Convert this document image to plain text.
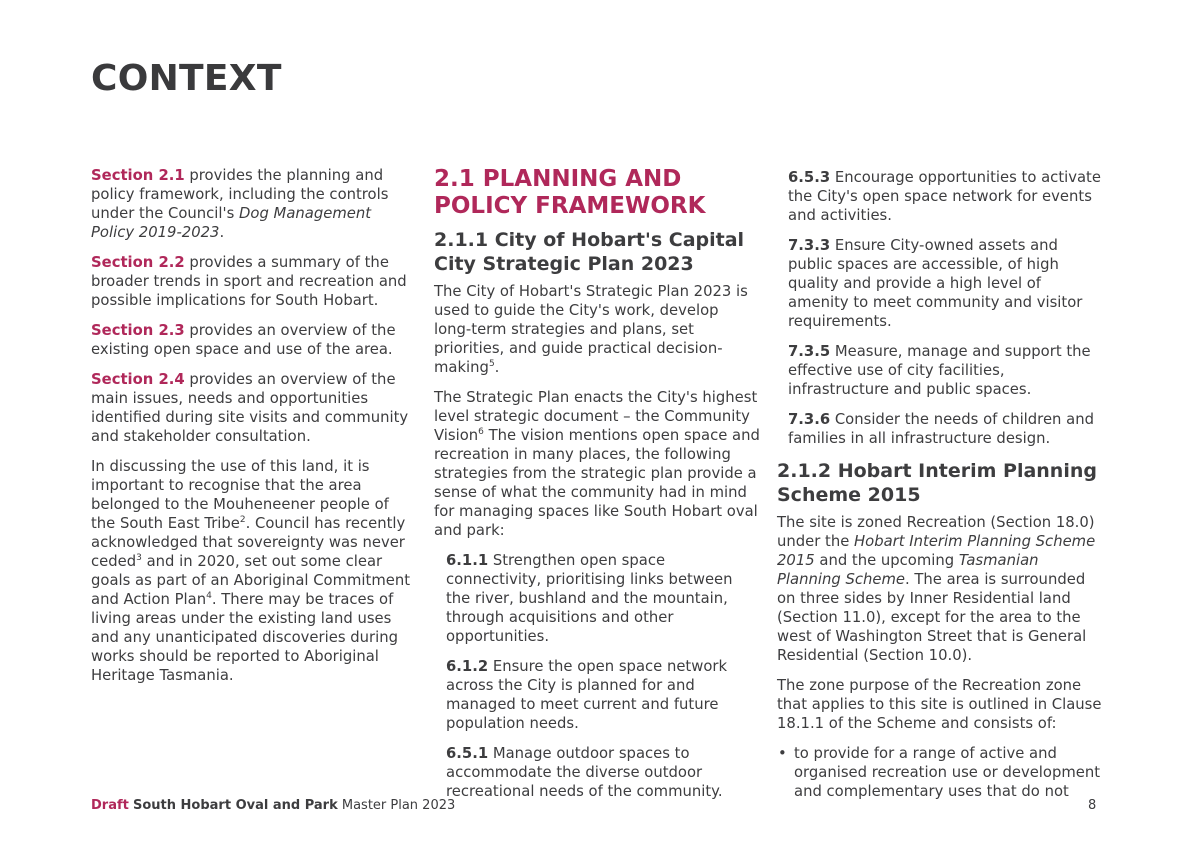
CONTEXT

Section 2.1 provides the planning and policy framework, including the controls under the Council's Dog Management Policy 2019-2023.

Section 2.2 provides a summary of the broader trends in sport and recreation and possible implications for South Hobart.

Section 2.3 provides an overview of the existing open space and use of the area.

Section 2.4 provides an overview of the main issues, needs and opportunities identified during site visits and community and stakeholder consultation.

In discussing the use of this land, it is important to recognise that the area belonged to the Mouheneener people of the South East Tribe$^2$. Council has recently acknowledged that sovereignty was never ceded$^3$ and in 2020, set out some clear goals as part of an Aboriginal Commitment and Action Plan$^4$. There may be traces of living areas under the existing land uses and any unanticipated discoveries during works should be reported to Aboriginal Heritage Tasmania.

2.1 PLANNING AND POLICY FRAMEWORK
2.1.1 City of Hobart's Capital City Strategic Plan 2023

The City of Hobart's Strategic Plan 2023 is used to guide the City's work, develop long-term strategies and plans, set priorities, and guide practical decision-making$^5$.

The Strategic Plan enacts the City's highest level strategic document – the Community Vision$^6$ The vision mentions open space and recreation in many places, the following strategies from the strategic plan provide a sense of what the community had in mind for managing spaces like South Hobart oval and park:

6.1.1 Strengthen open space connectivity, prioritising links between the river, bushland and the mountain, through acquisitions and other opportunities.

6.1.2 Ensure the open space network across the City is planned for and managed to meet current and future population needs.

6.5.1 Manage outdoor spaces to accommodate the diverse outdoor recreational needs of the community.

6.5.3 Encourage opportunities to activate the City's open space network for events and activities.

7.3.3 Ensure City-owned assets and public spaces are accessible, of high quality and provide a high level of amenity to meet community and visitor requirements.

7.3.5 Measure, manage and support the effective use of city facilities, infrastructure and public spaces.

7.3.6 Consider the needs of children and families in all infrastructure design.

2.1.2 Hobart Interim Planning Scheme 2015

The site is zoned Recreation (Section 18.0) under the Hobart Interim Planning Scheme 2015 and the upcoming Tasmanian Planning Scheme. The area is surrounded on three sides by Inner Residential land (Section 11.0), except for the area to the west of Washington Street that is General Residential (Section 10.0).

The zone purpose of the Recreation zone that applies to this site is outlined in Clause 18.1.1 of the Scheme and consists of:

• to provide for a range of active and organised recreation use or development and complementary uses that do not
Draft South Hobart Oval and Park Master Plan 2023	8
